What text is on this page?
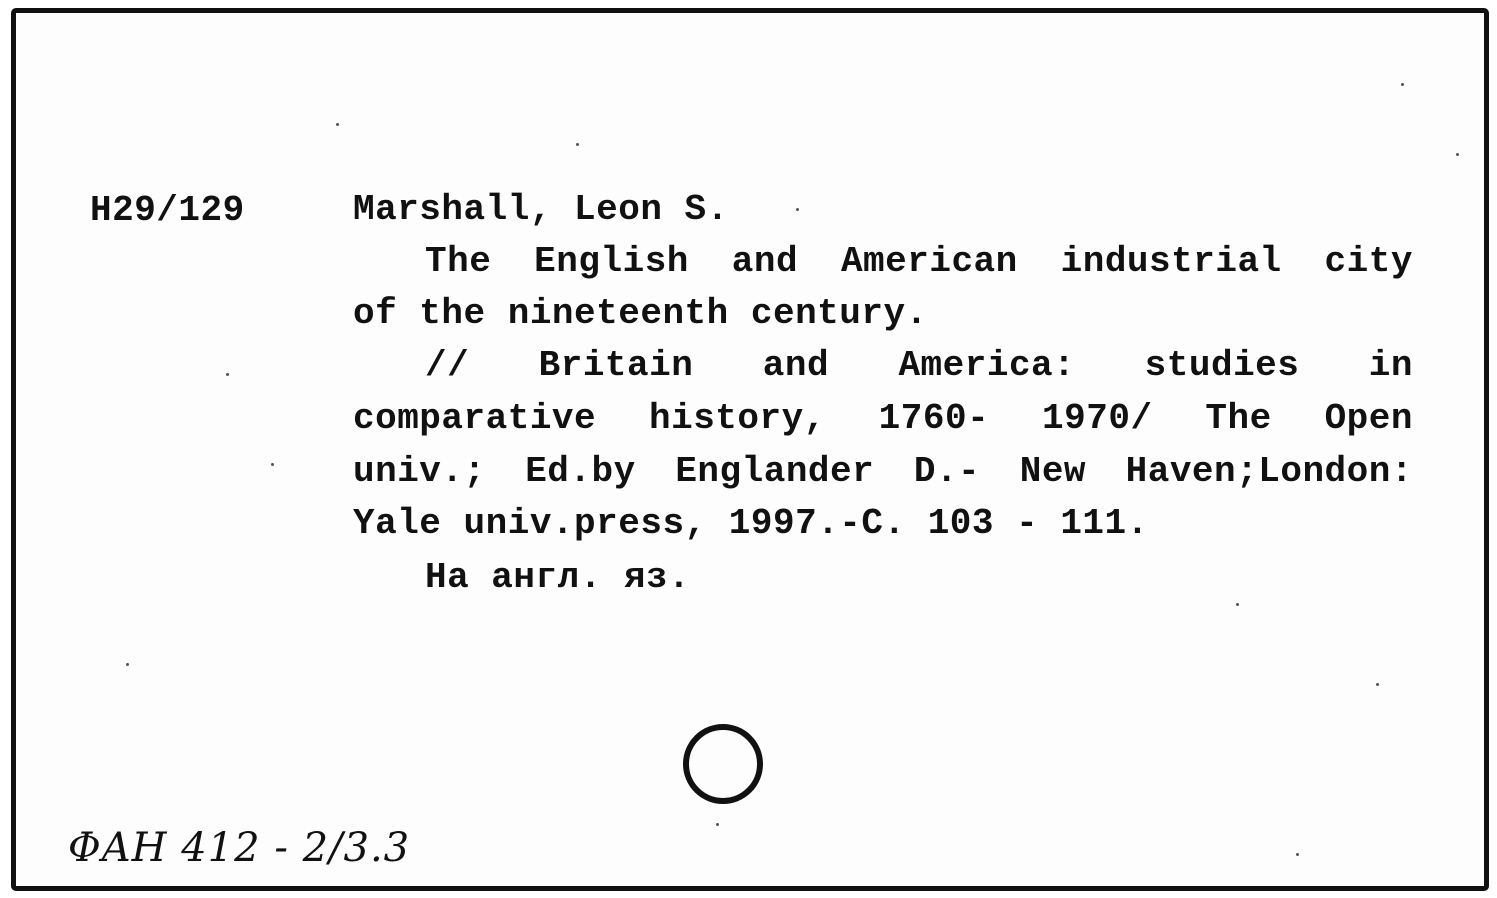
H29/129	Marshall, Leon S.
The English and American industrial city
of the nineteenth century.
// Britain and America: studies in
comparative history, 1760- 1970/ The Open
univ.; Ed.by Englander D.- New Haven;London:
Yale univ.press, 1997.-C. 103 - 111.
На англ. яз.
ΦAH 412 - 2/3.3
